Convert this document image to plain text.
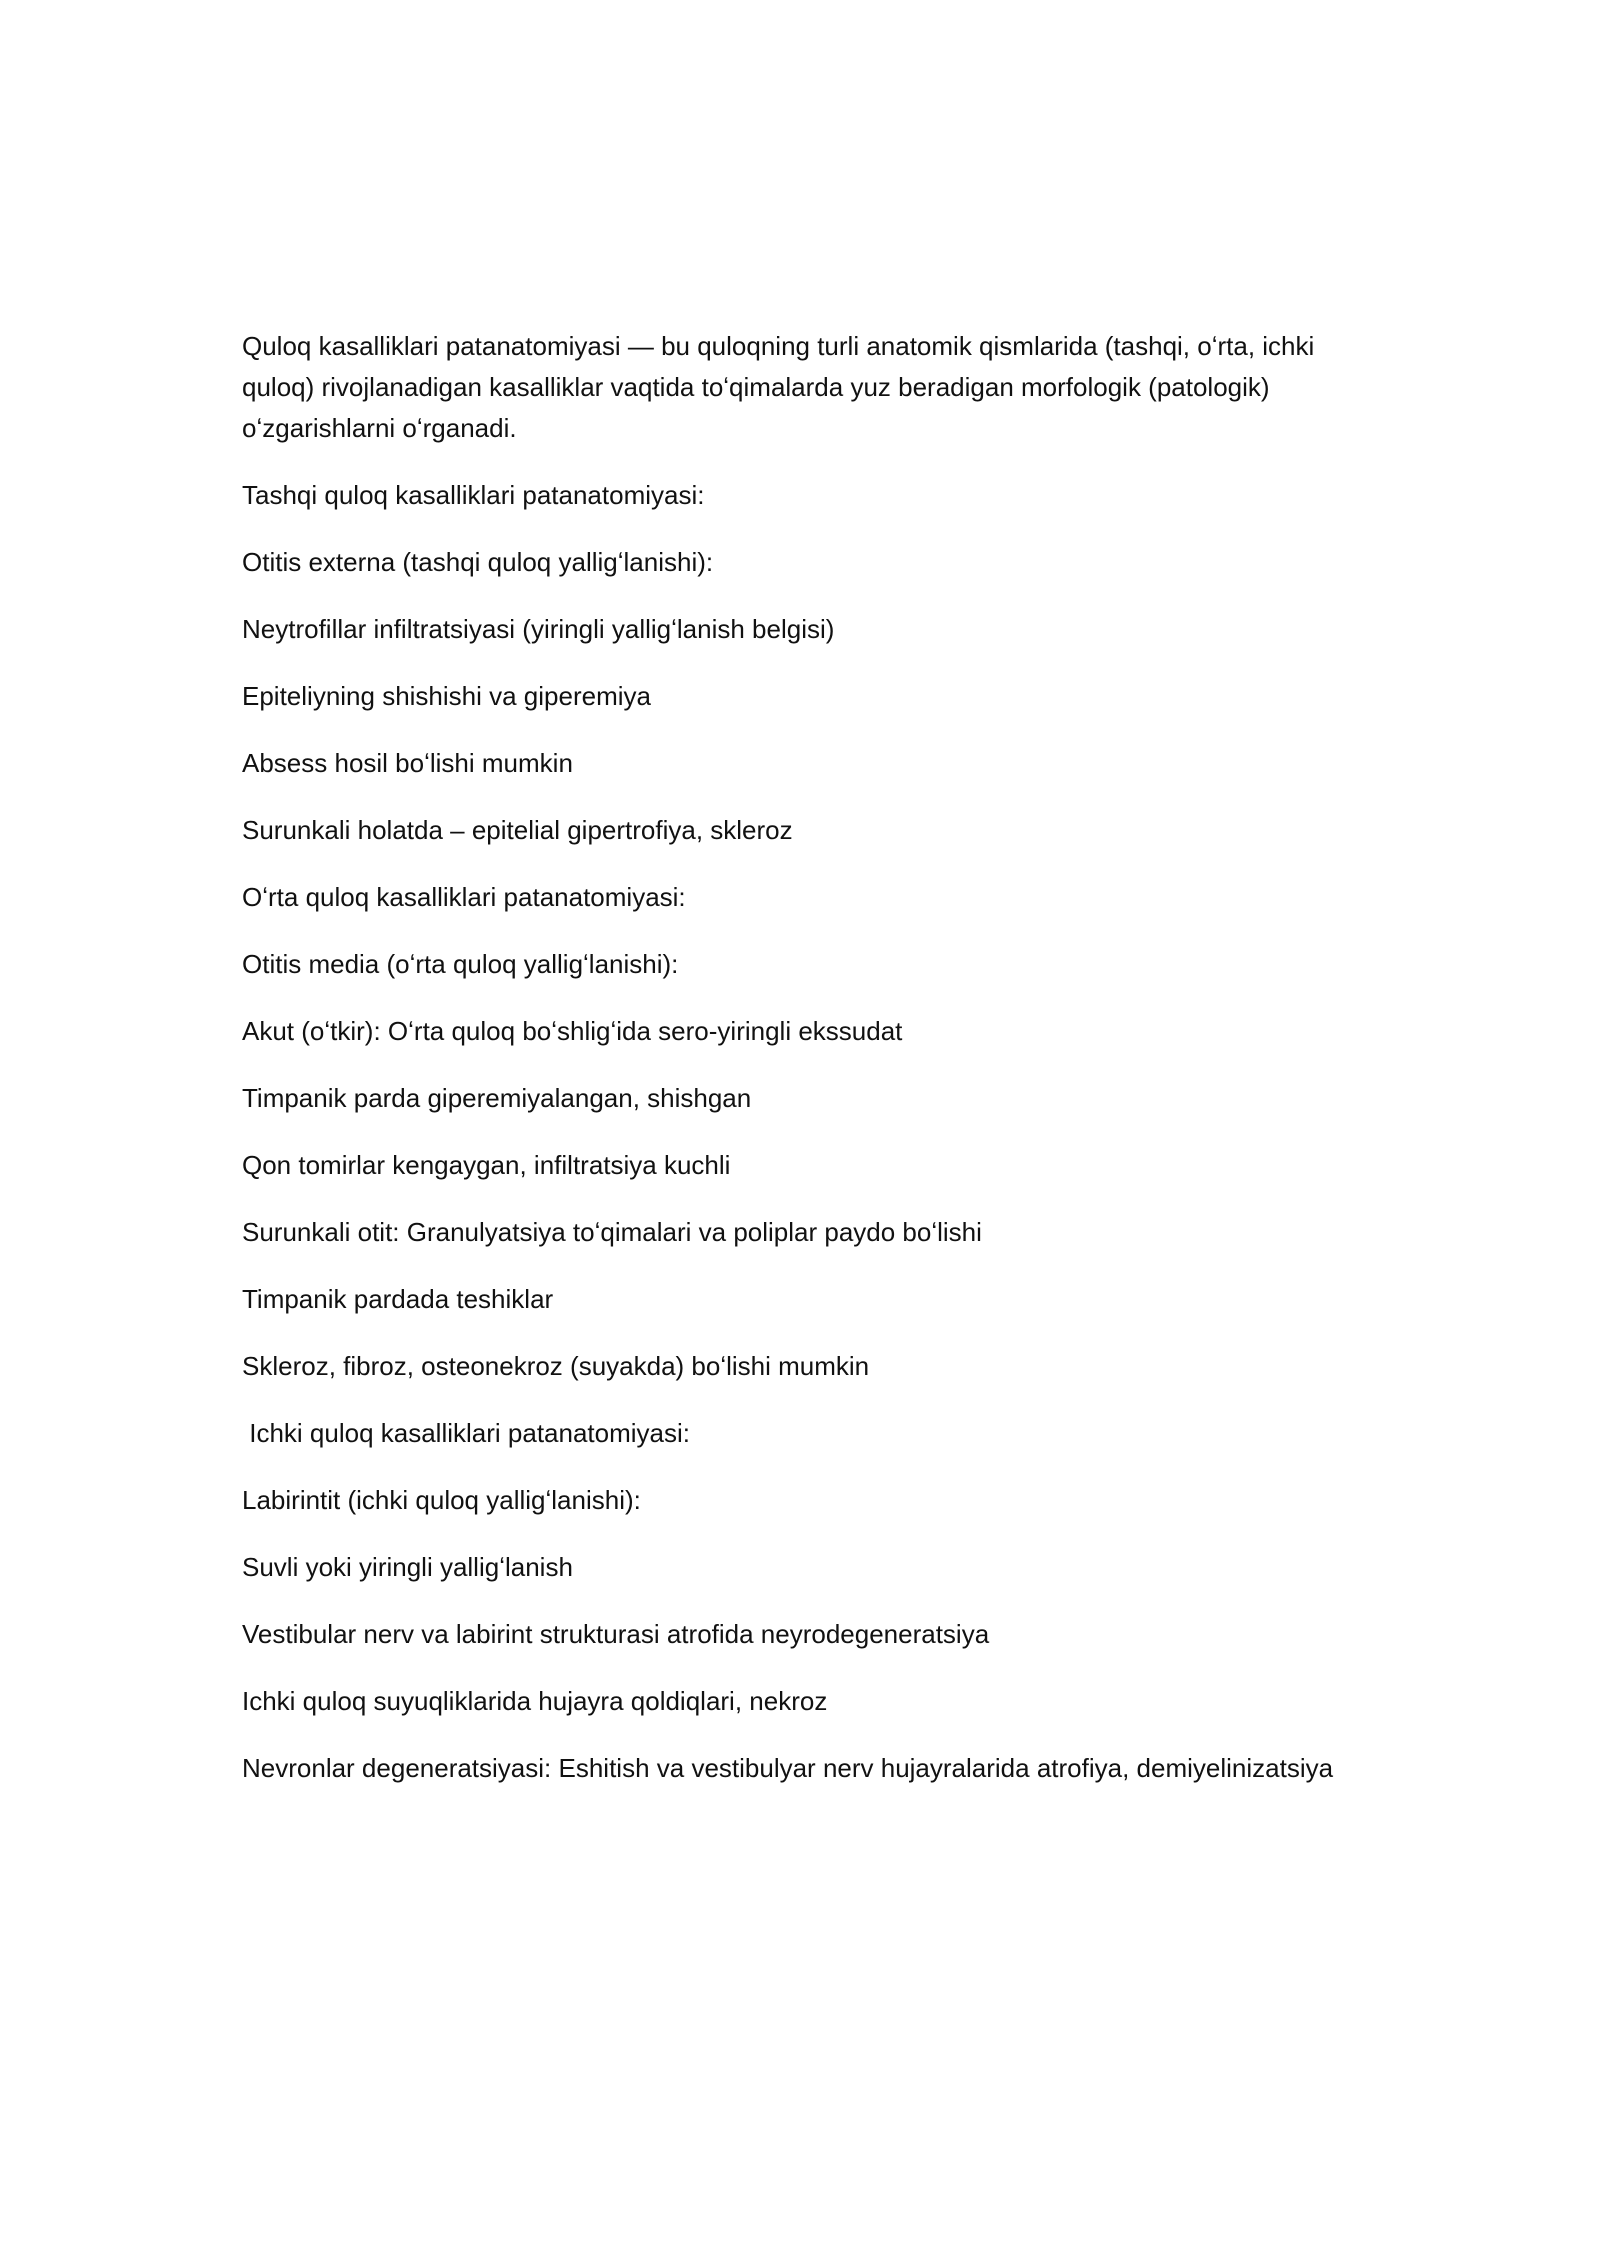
Quloq kasalliklari patanatomiyasi — bu quloqning turli anatomik qismlarida (tashqi, oʻrta, ichki quloq) rivojlanadigan kasalliklar vaqtida toʻqimalarda yuz beradigan morfologik (patologik) oʻzgarishlarni oʻrganadi.

Tashqi quloq kasalliklari patanatomiyasi:

Otitis externa (tashqi quloq yalligʻlanishi):

Neytrofillar infiltratsiyasi (yiringli yalligʻlanish belgisi)

Epiteliyning shishishi va giperemiya

Absess hosil boʻlishi mumkin

Surunkali holatda – epitelial gipertrofiya, skleroz

Oʻrta quloq kasalliklari patanatomiyasi:

Otitis media (oʻrta quloq yalligʻlanishi):

Akut (oʻtkir): Oʻrta quloq boʻshligʻida sero-yiringli ekssudat

Timpanik parda giperemiyalangan, shishgan

Qon tomirlar kengaygan, infiltratsiya kuchli

Surunkali otit: Granulyatsiya toʻqimalari va poliplar paydo boʻlishi

Timpanik pardada teshiklar

Skleroz, fibroz, osteonekroz (suyakda) boʻlishi mumkin

Ichki quloq kasalliklari patanatomiyasi:

Labirintit (ichki quloq yalligʻlanishi):

Suvli yoki yiringli yalligʻlanish

Vestibular nerv va labirint strukturasi atrofida neyrodegeneratsiya

Ichki quloq suyuqliklarida hujayra qoldiqlari, nekroz

Nevronlar degeneratsiyasi: Eshitish va vestibulyar nerv hujayralarida atrofiya, demiyelinizatsiya
